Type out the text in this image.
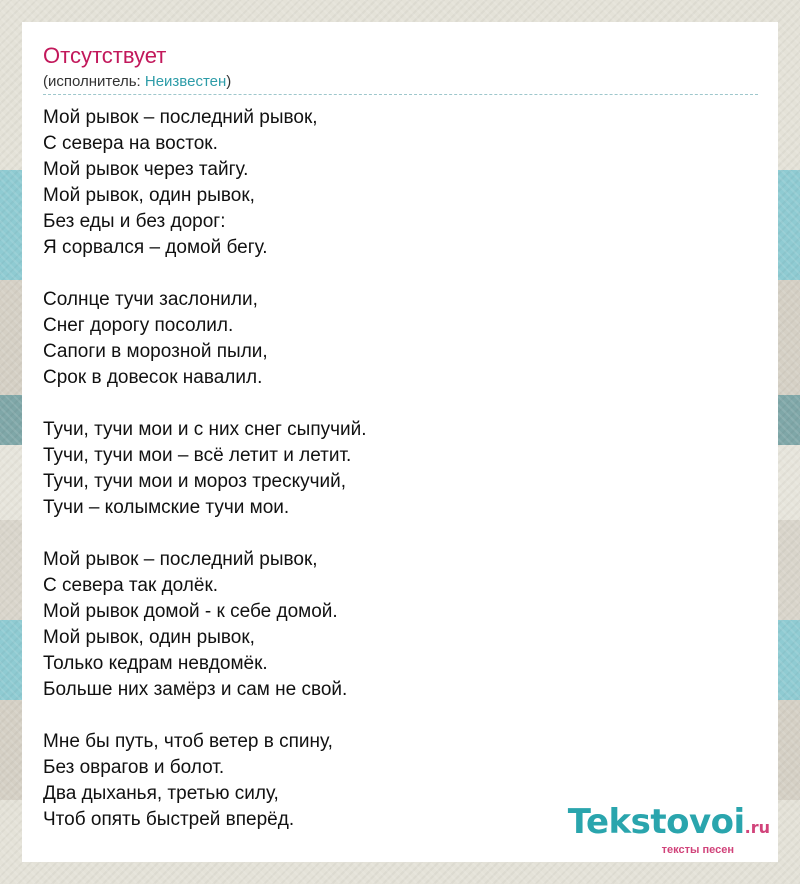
Отсутствует
(исполнитель: Неизвестен)
Мой рывок – последний рывок,
С севера на восток.
Мой рывок через тайгу.
Мой рывок, один рывок,
Без еды и без дорог:
Я сорвался – домой бегу.
Солнце тучи заслонили,
Снег дорогу посолил.
Сапоги в морозной пыли,
Срок в довесок навалил.
Тучи, тучи мои и с них снег сыпучий.
Тучи, тучи мои – всё летит и летит.
Тучи, тучи мои и мороз трескучий,
Тучи – колымские тучи мои.
Мой рывок – последний рывок,
С севера так долёк.
Мой рывок домой - к себе домой.
Мой рывок, один рывок,
Только кедрам невдомёк.
Больше них замёрз и сам не свой.
Мне бы путь, чтоб ветер в спину,
Без оврагов и болот.
Два дыханья, третью силу,
Чтоб опять быстрей вперёд.	Tekstovoi.ru
тексты песен
